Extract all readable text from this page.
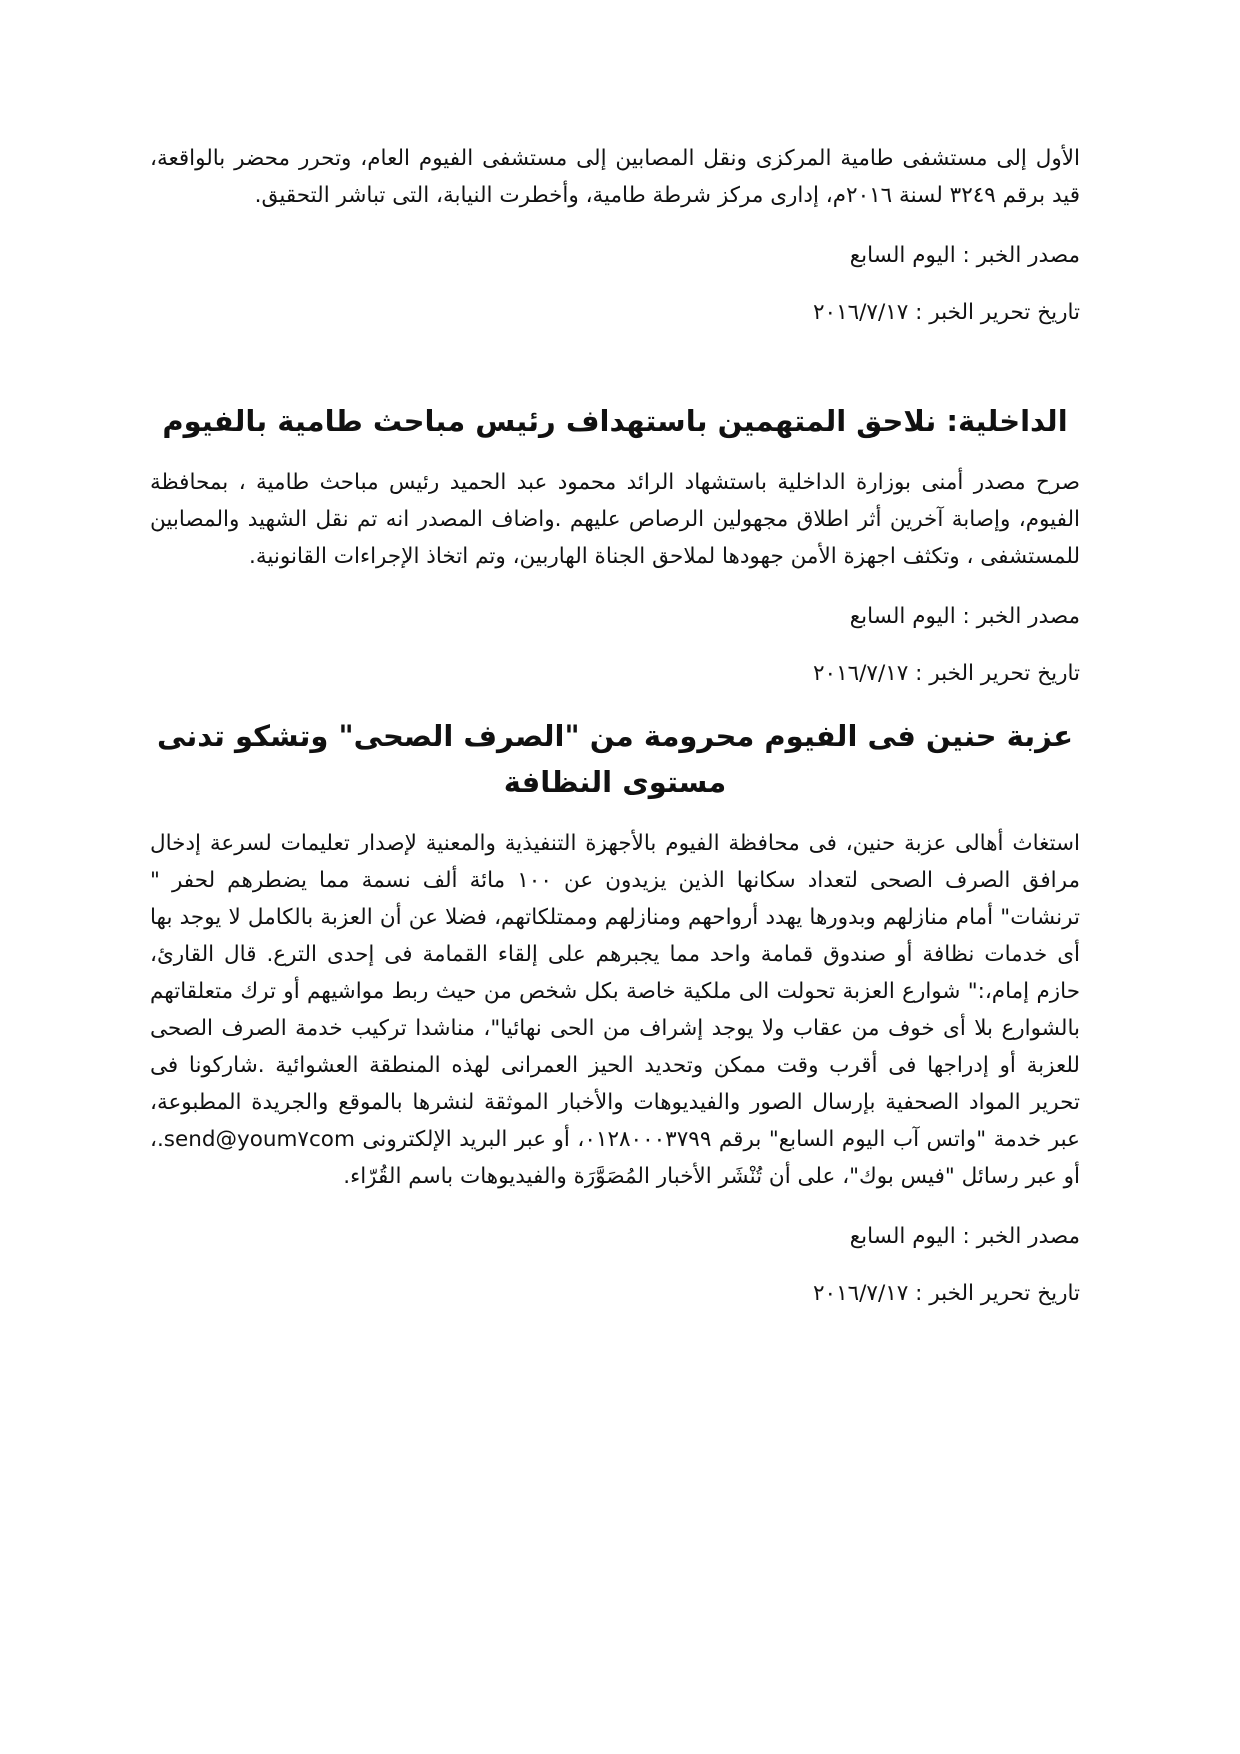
الأول إلى مستشفى طامية المركزى ونقل المصابين إلى مستشفى الفيوم العام، وتحرر محضر بالواقعة، قيد برقم ٣٢٤٩ لسنة ٢٠١٦م، إدارى مركز شرطة طامية، وأخطرت النيابة، التى تباشر التحقيق.

مصدر الخبر : اليوم السابع

تاريخ تحرير الخبر : ٢٠١٦/٧/١٧

الداخلية: نلاحق المتهمين باستهداف رئيس مباحث طامية بالفيوم

صرح مصدر أمنى بوزارة الداخلية باستشهاد الرائد محمود عبد الحميد رئيس مباحث طامية ، بمحافظة الفيوم، وإصابة آخرين أثر اطلاق مجهولين الرصاص عليهم .واضاف المصدر انه تم نقل الشهيد والمصابين للمستشفى ، وتكثف اجهزة الأمن جهودها لملاحق الجناة الهاربين، وتم اتخاذ الإجراءات القانونية.

مصدر الخبر : اليوم السابع

تاريخ تحرير الخبر : ٢٠١٦/٧/١٧

عزبة حنين فى الفيوم محرومة من "الصرف الصحى" وتشكو تدنى مستوى النظافة

استغاث أهالى عزبة حنين، فى محافظة الفيوم بالأجهزة التنفيذية والمعنية لإصدار تعليمات لسرعة إدخال مرافق الصرف الصحى لتعداد سكانها الذين يزيدون عن ١٠٠ مائة ألف نسمة مما يضطرهم لحفر " ترنشات" أمام منازلهم وبدورها يهدد أرواحهم ومنازلهم وممتلكاتهم، فضلا عن أن العزبة بالكامل لا يوجد بها أى خدمات نظافة أو صندوق قمامة واحد مما يجبرهم على إلقاء القمامة فى إحدى الترع. قال القارئ، حازم إمام،:" شوارع العزبة تحولت الى ملكية خاصة بكل شخص من حيث ربط مواشيهم أو ترك متعلقاتهم بالشوارع بلا أى خوف من عقاب ولا يوجد إشراف من الحى نهائيا"، مناشدا تركيب خدمة الصرف الصحى للعزبة أو إدراجها فى أقرب وقت ممكن وتحديد الحيز العمرانى لهذه المنطقة العشوائية .شاركونا فى تحرير المواد الصحفية بإرسال الصور والفيديوهات والأخبار الموثقة لنشرها بالموقع والجريدة المطبوعة، عبر خدمة "واتس آب اليوم السابع" برقم ٠١٢٨٠٠٠٣٧٩٩، أو عبر البريد الإلكترونى send@youm٧com.، أو عبر رسائل "فيس بوك"، على أن تُنْشَر الأخبار المُصَوَّرَة والفيديوهات باسم القُرّاء.

مصدر الخبر : اليوم السابع

تاريخ تحرير الخبر : ٢٠١٦/٧/١٧
